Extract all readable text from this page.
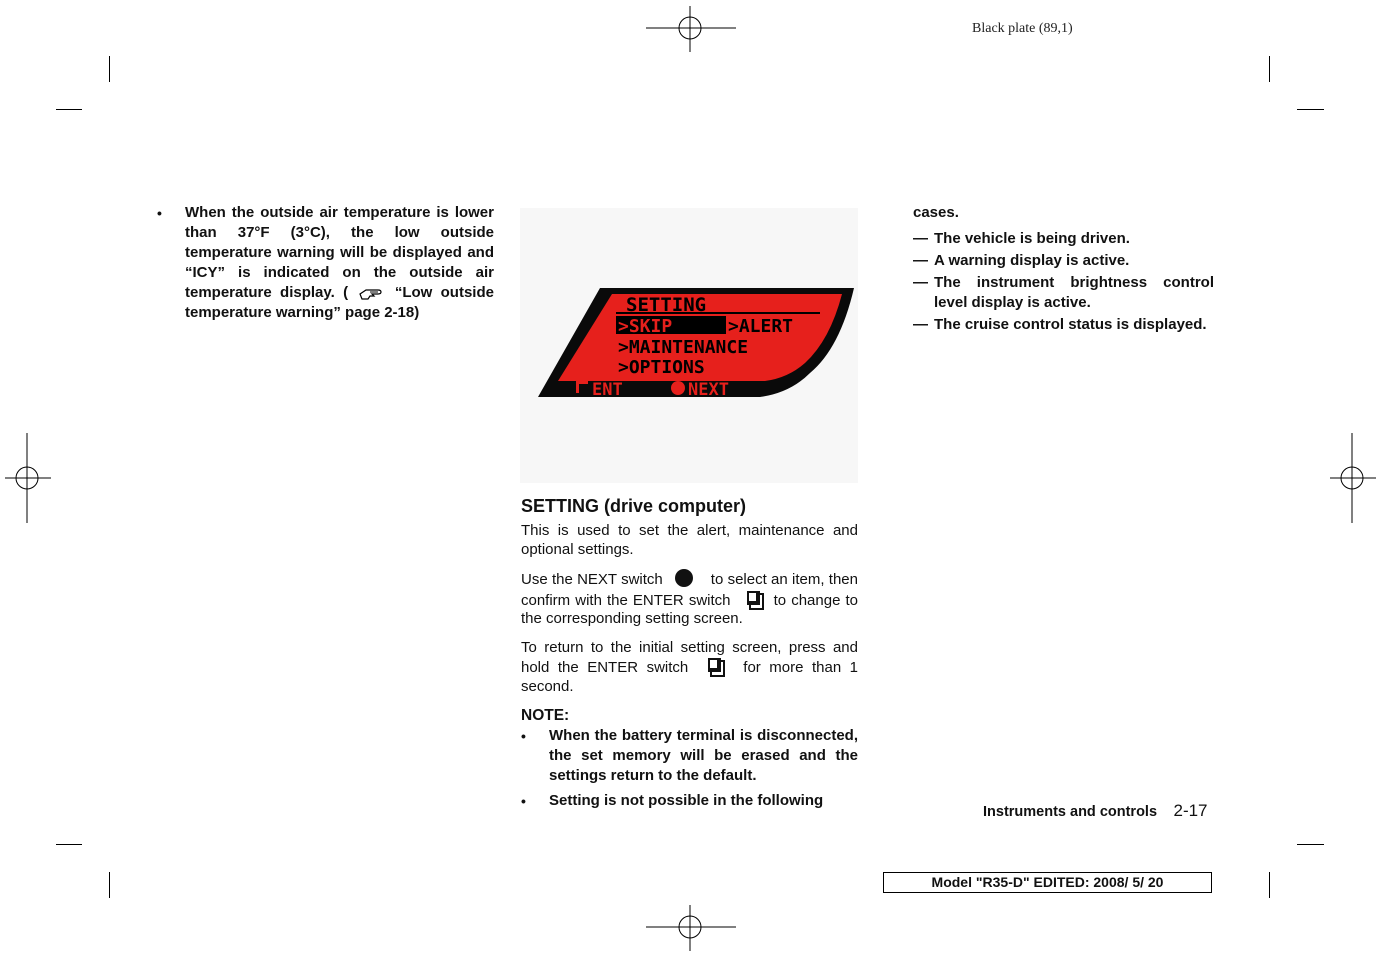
Black plate (89,1)
• When the outside air temperature is lower than 37°F (3°C), the low outside temperature warning will be displayed and “ICY” is indicated on the outside air temperature display. (	“Low outside temperature warning” page 2-18)	SETTING
>SKIP	>ALERT
>MAINTENANCE
>OPTIONS
ENT	NEXT
SETTING (drive computer)
This is used to set the alert, maintenance and optional settings.
Use the NEXT switch	to select an item, then confirm with the ENTER switch	to change to the corresponding setting screen.
To return to the initial setting screen, press and hold the ENTER switch	for more than 1 second.
NOTE:
• When the battery terminal is disconnected, the set memory will be erased and the settings return to the default.
• Setting is not possible in the following
cases.
— The vehicle is being driven.
— A warning display is active.
— The instrument brightness control level display is active.
— The cruise control status is displayed.
Instruments and controls 2-17
Model "R35-D" EDITED: 2008/ 5/ 20
